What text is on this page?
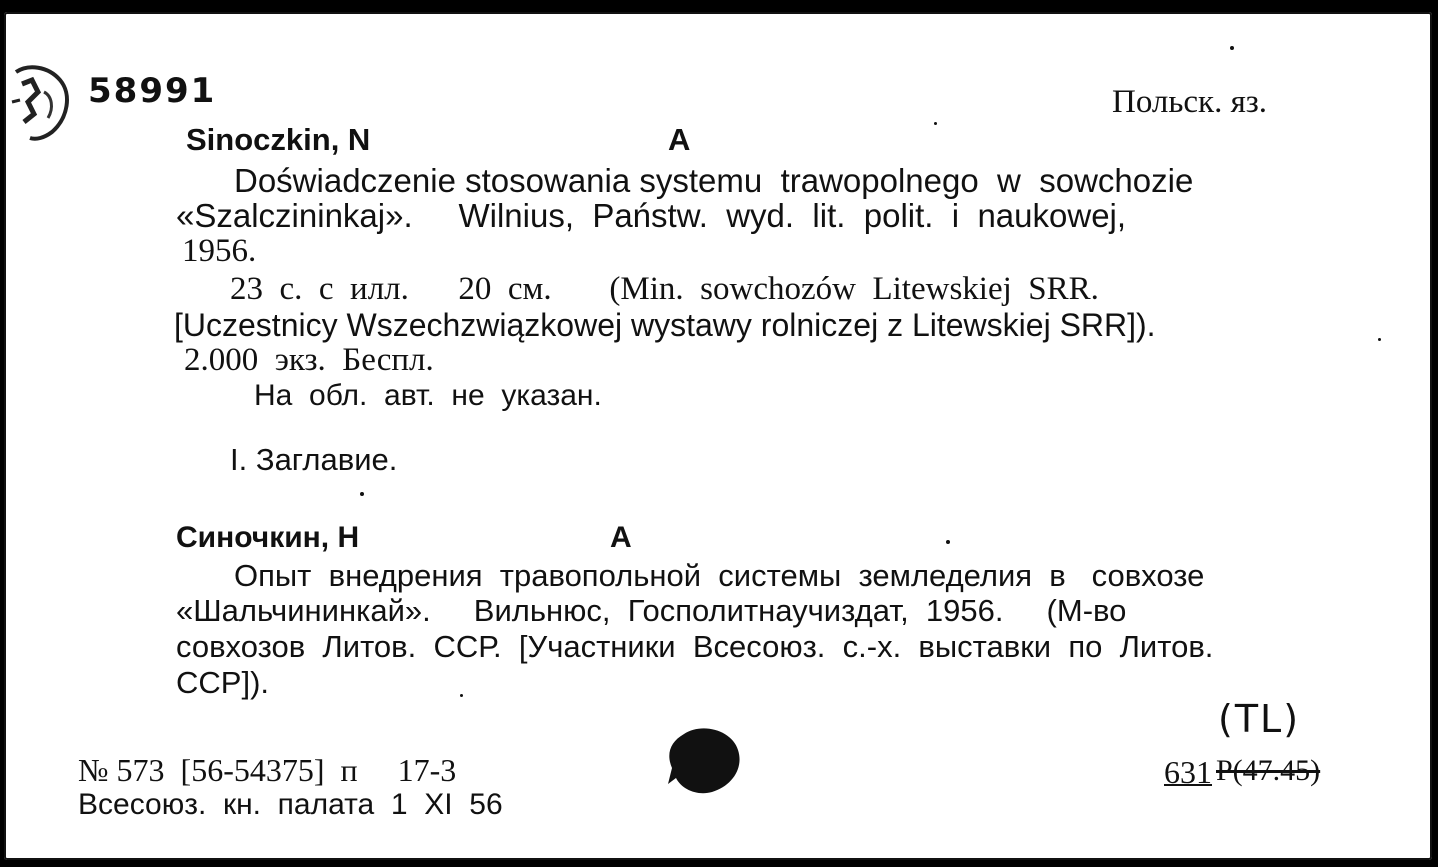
58991	Польск. яз.
Sinoczkin, N	A
Doświadczenie stosowania systemu  trawopolnego  w  sowchozie
«Szalczininkaj».     Wilnius,  Państw.  wyd.  lit.  polit.  i  naukowej,
1956.
23  с.  с  илл.      20  см.       (Min.  sowchozów  Litewskiej  SRR.
[Uczestnicy Wszechzwiązkowej wystawy rolniczej z Litewskiej SRR]).
2.000  экз.  Беспл.
На  обл.  авт.  не  указан.
I. Заглавие.
Синочкин, Н	А
Опыт  внедрения  травопольной  системы  земледелия  в   совхозе
«Шальчининкай».     Вильнюс,  Госполитнаучиздат,  1956.     (М-во
совхозов  Литов.  ССР.  [Участники  Всесоюз.  с.-х.  выставки  по  Литов.
ССР]).
№ 573  [56-54375]  п     17-3
Всесоюз.  кн.  палата  1  XI  56
(TL)
631 Р(47.45)
